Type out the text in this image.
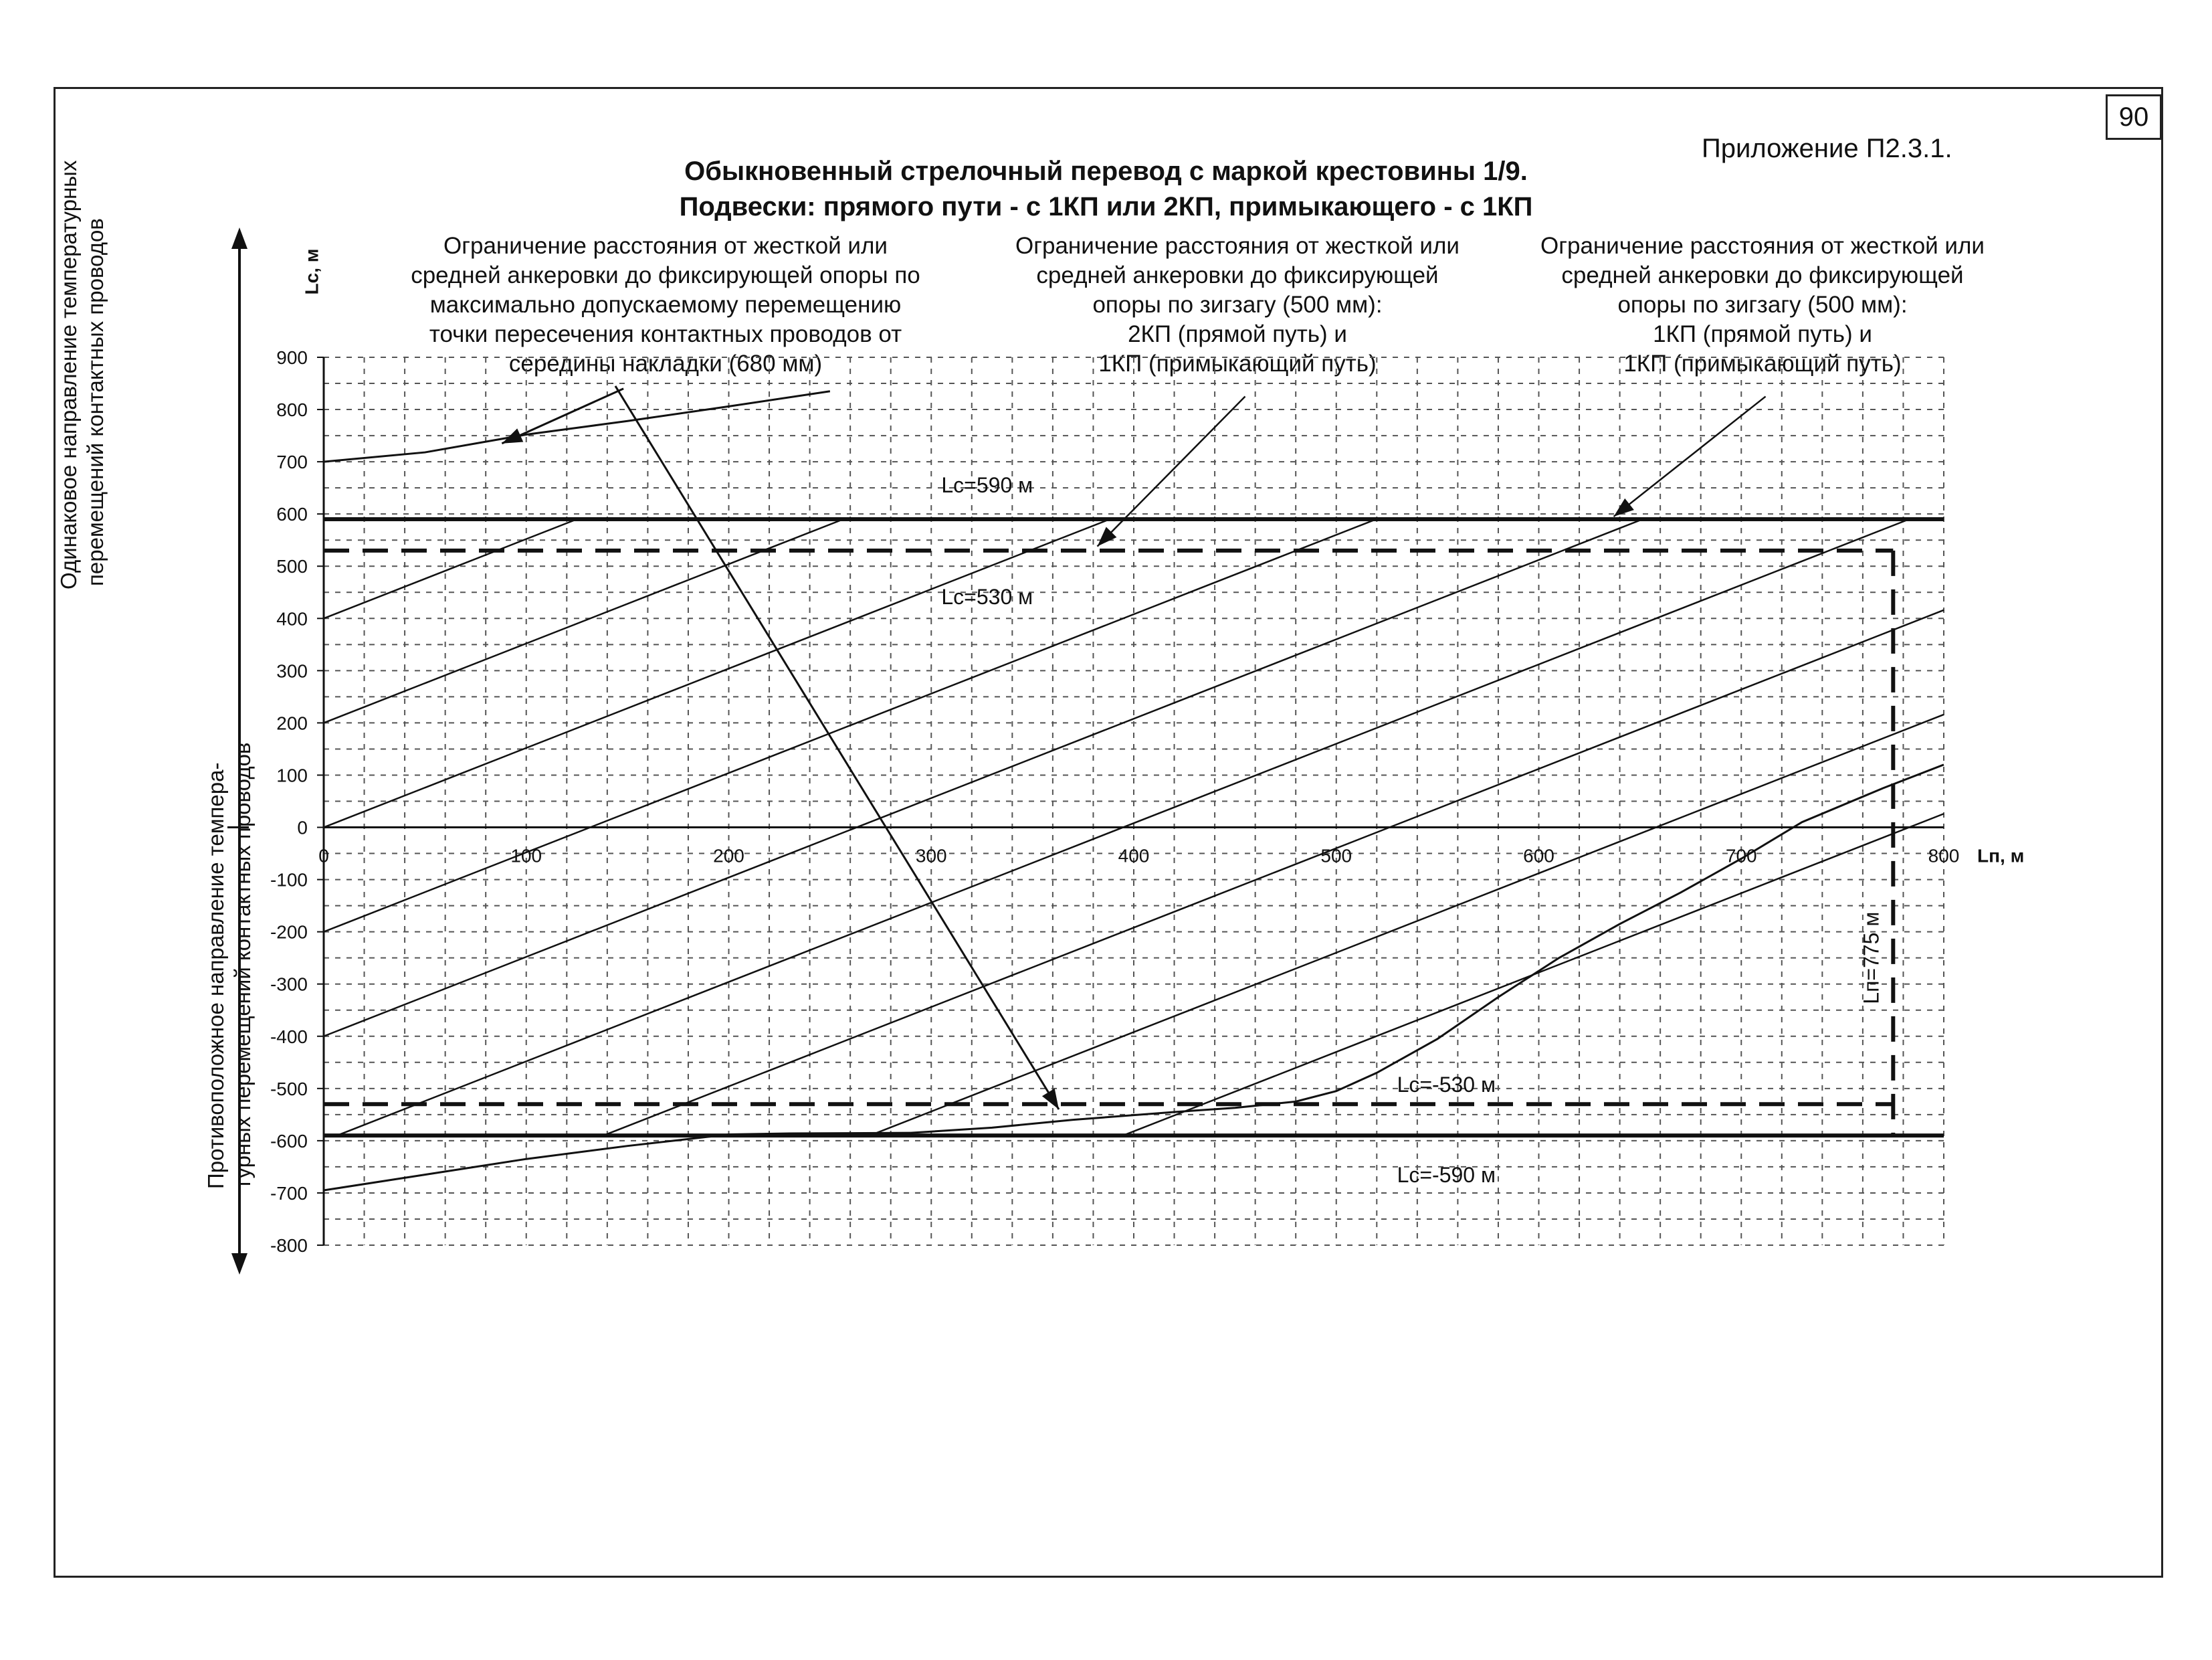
90
Приложение П2.3.1.
Обыкновенный стрелочный перевод с маркой крестовины 1/9.
Подвески: прямого пути - с 1КП или 2КП, примыкающего - с 1КП
Ограничение расстояния от жесткой или
средней анкеровки до фиксирующей опоры по
максимально допускаемому перемещению
точки пересечения контактных проводов от
середины накладки (680 мм)
Ограничение расстояния от жесткой или
средней анкеровки до фиксирующей
опоры по зигзагу (500 мм):
2КП (прямой путь) и
1КП (примыкающий путь)
Ограничение расстояния от жесткой или
средней анкеровки до фиксирующей
опоры по зигзагу (500 мм):
1КП (прямой путь) и
1КП (примыкающий путь)
Одинаковое направление температурных перемещений контактных проводов
Противоположное направление темпера- турных перемещений контактных проводов
Lc, м
900
800
700
600
500
400
300
200
100
0
-100
-200
-300
-400
-500
-600
-700
-800
0	100	200	300	400	500	600	700	800 Lп, м
Lc=590 м
Lc=530 м
Lc=-530 м
Lc=-590 м
Lп=775 м
